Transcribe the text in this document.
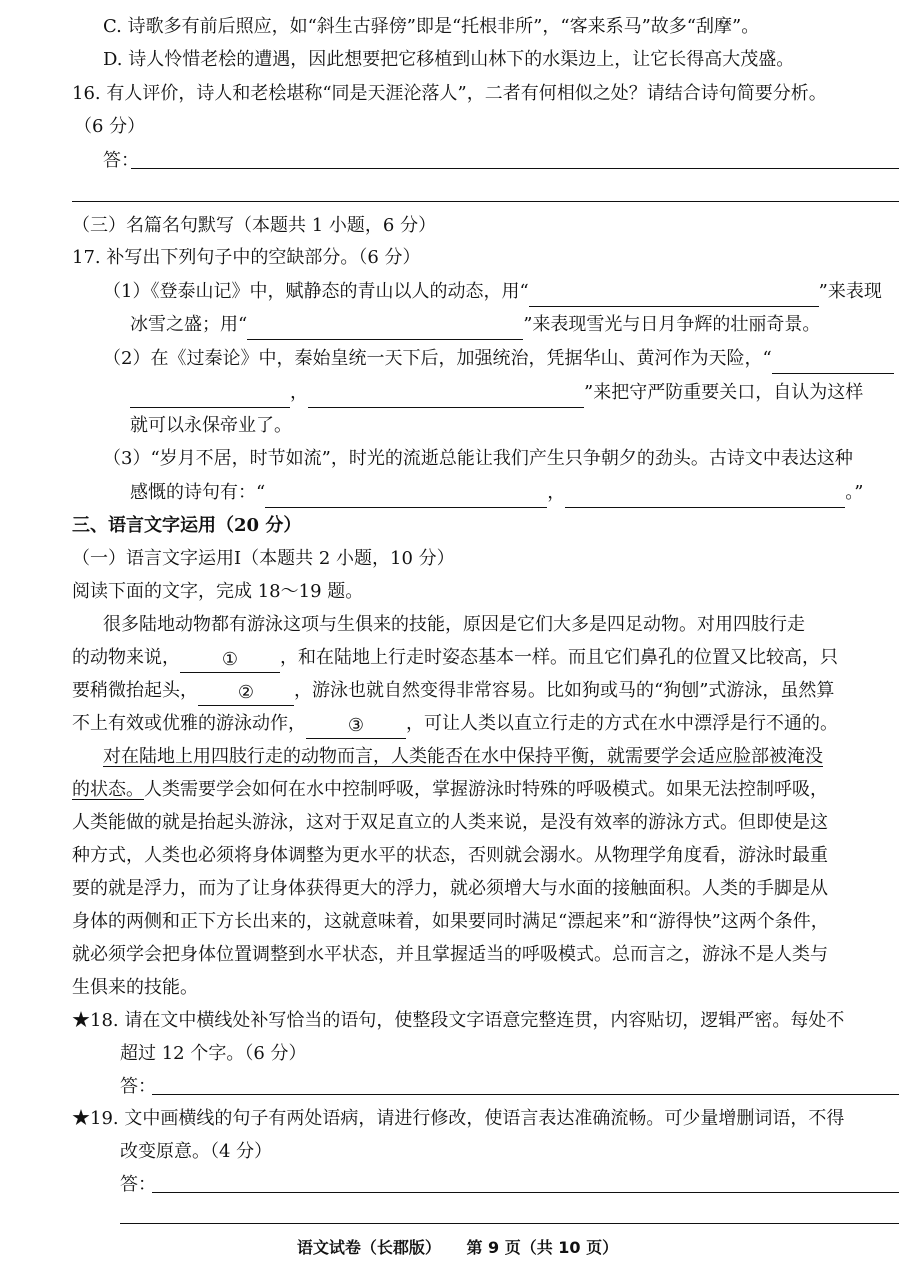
C. 诗歌多有前后照应，如“斜生古驿傍”即是“托根非所”，“客来系马”故多“刮摩”。
D. 诗人怜惜老桧的遭遇，因此想要把它移植到山林下的水渠边上，让它长得高大茂盛。
16. 有人评价，诗人和老桧堪称“同是天涯沦落人”，二者有何相似之处？请结合诗句简要分析。
（6 分）
答：
（三）名篇名句默写（本题共 1 小题，6 分）
17. 补写出下列句子中的空缺部分。（6 分）
（1）《登泰山记》中，赋静态的青山以人的动态，用“	”来表现
冰雪之盛；用“	”来表现雪光与日月争辉的壮丽奇景。
（2）在《过秦论》中，秦始皇统一天下后，加强统治，凭据华山、黄河作为天险，“
，	”来把守严防重要关口，自认为这样
就可以永保帝业了。
（3）“岁月不居，时节如流”，时光的流逝总能让我们产生只争朝夕的劲头。古诗文中表达这种
感慨的诗句有：“	，	。”
三、语言文字运用（20 分）
（一）语言文字运用Ⅰ（本题共 2 小题，10 分）
阅读下面的文字，完成 18～19 题。
很多陆地动物都有游泳这项与生俱来的技能，原因是它们大多是四足动物。对用四肢行走
的动物来说， ① ，和在陆地上行走时姿态基本一样。而且它们鼻孔的位置又比较高，只
要稍微抬起头， ② ，游泳也就自然变得非常容易。比如狗或马的“狗刨”式游泳，虽然算
不上有效或优雅的游泳动作， ③ ，可让人类以直立行走的方式在水中漂浮是行不通的。
对在陆地上用四肢行走的动物而言，人类能否在水中保持平衡，就需要学会适应脸部被淹没
的状态。人类需要学会如何在水中控制呼吸，掌握游泳时特殊的呼吸模式。如果无法控制呼吸，
人类能做的就是抬起头游泳，这对于双足直立的人类来说，是没有效率的游泳方式。但即使是这
种方式，人类也必须将身体调整为更水平的状态，否则就会溺水。从物理学角度看，游泳时最重
要的就是浮力，而为了让身体获得更大的浮力，就必须增大与水面的接触面积。人类的手脚是从
身体的两侧和正下方长出来的，这就意味着，如果要同时满足“漂起来”和“游得快”这两个条件，
就必须学会把身体位置调整到水平状态，并且掌握适当的呼吸模式。总而言之，游泳不是人类与
生俱来的技能。
★18. 请在文中横线处补写恰当的语句，使整段文字语意完整连贯，内容贴切，逻辑严密。每处不
超过 12 个字。（6 分）
答：
★19. 文中画横线的句子有两处语病，请进行修改，使语言表达准确流畅。可少量增删词语，不得
改变原意。（4 分）
答：
语文试卷（长郡版） 第 9 页（共 10 页）
